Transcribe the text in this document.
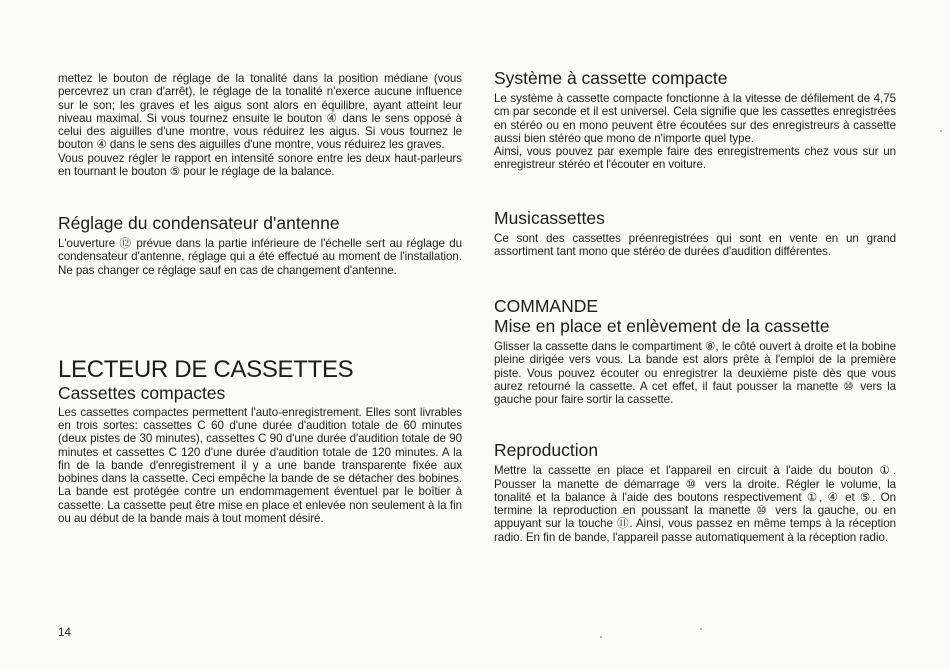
mettez le bouton de réglage de la tonalité dans la position médiane (vous percevrez un cran d'arrêt), le réglage de la tonalité n'exerce aucune influence sur le son; les graves et les aigus sont alors en équilibre, ayant atteint leur niveau maximal. Si vous tournez ensuite le bouton ④ dans le sens opposé à celui des aiguilles d'une montre, vous réduirez les aigus. Si vous tournez le bouton ④ dans le sens des aiguilles d'une montre, vous réduirez les graves.

Vous pouvez régler le rapport en intensité sonore entre les deux haut-parleurs en tournant le bouton ⑤ pour le réglage de la balance.

Réglage du condensateur d'antenne

L'ouverture ⑫ prévue dans la partie inférieure de l'échelle sert au réglage du condensateur d'antenne, réglage qui a été effectué au moment de l'installation. Ne pas changer ce réglage sauf en cas de changement d'antenne.

LECTEUR DE CASSETTES
Cassettes compactes

Les cassettes compactes permettent l'auto-enregistrement. Elles sont livrables en trois sortes: cassettes C 60 d'une durée d'audition totale de 60 minutes (deux pistes de 30 minutes), cassettes C 90 d'une durée d'audition totale de 90 minutes et cassettes C 120 d'une durée d'audition totale de 120 minutes. A la fin de la bande d'enregistrement il y a une bande transparente fixée aux bobines dans la cassette. Ceci empêche la bande de se détacher des bobines. La bande est protégée contre un endommagement éventuel par le boîtier à cassette. La cassette peut être mise en place et enlevée non seulement à la fin ou au début de la bande mais à tout moment désiré.

14
Système à cassette compacte

Le système à cassette compacte fonctionne à la vitesse de défilement de 4,75 cm par seconde et il est universel. Cela signifie que les cassettes enregistrées en stéréo ou en mono peuvent être écoutées sur des enregistreurs à cassette aussi bien stéréo que mono de n'importe quel type.

Ainsi, vous pouvez par exemple faire des enregistrements chez vous sur un enregistreur stéréo et l'écouter en voiture.

Musicassettes

Ce sont des cassettes préenregistrées qui sont en vente en un grand assortiment tant mono que stéréo de durées d'audition différentes.

COMMANDE
Mise en place et enlèvement de la cassette

Glisser la cassette dans le compartiment ⑧, le côté ouvert à droite et la bobine pleine dirigée vers vous. La bande est alors prête à l'emploi de la première piste. Vous pouvez écouter ou enregistrer la deuxième piste dès que vous aurez retourné la cassette. A cet effet, il faut pousser la manette ⑩ vers la gauche pour faire sortir la cassette.

Reproduction

Mettre la cassette en place et l'appareil en circuit à l'aide du bouton ①. Pousser la manette de démarrage ⑩ vers la droite. Régler le volume, la tonalité et la balance à l'aide des boutons respectivement ①, ④ et ⑤. On termine la reproduction en poussant la manette ⑩ vers la gauche, ou en appuyant sur la touche ⑪. Ainsi, vous passez en même temps à la réception radio. En fin de bande, l'appareil passe automatiquement à la réception radio.
